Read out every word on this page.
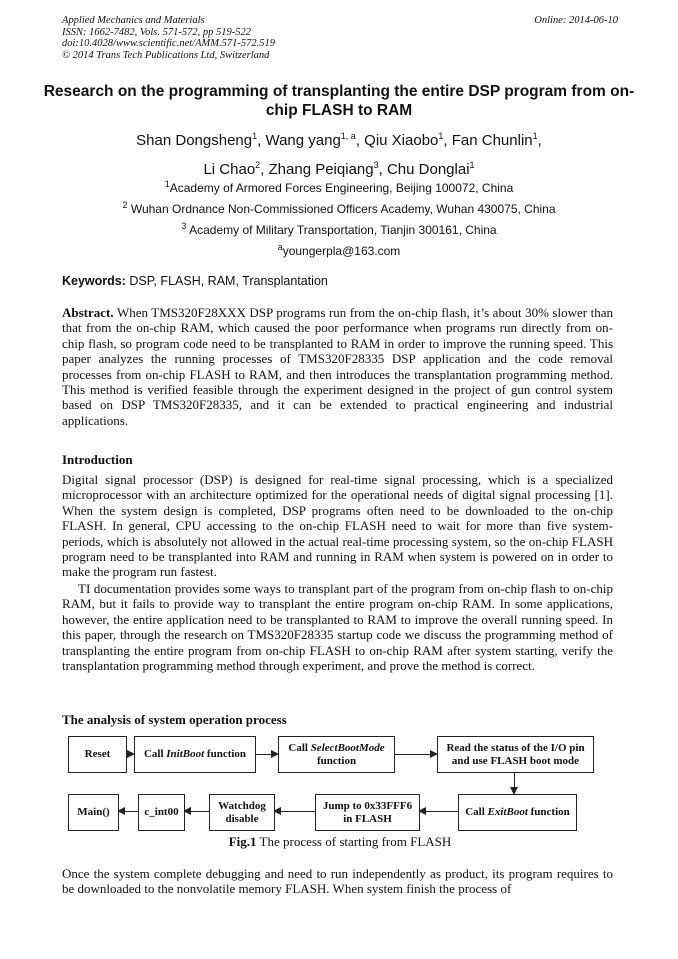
Applied Mechanics and Materials
ISSN: 1662-7482, Vols. 571-572, pp 519-522
doi:10.4028/www.scientific.net/AMM.571-572.519
© 2014 Trans Tech Publications Ltd, Switzerland
Online: 2014-06-10
Research on the programming of transplanting the entire DSP program from on-chip FLASH to RAM
Shan Dongsheng$^1$, Wang yang$^{1, a}$, Qiu Xiaobo$^1$, Fan Chunlin$^1$,
Li Chao$^2$, Zhang Peiqiang$^3$, Chu Donglai$^1$
$^1$Academy of Armored Forces Engineering, Beijing 100072, China
$^2$ Wuhan Ordnance Non-Commissioned Officers Academy, Wuhan 430075, China
$^3$ Academy of Military Transportation, Tianjin 300161, China
$^a$youngerpla@163.com
Keywords: DSP, FLASH, RAM, Transplantation
Abstract. When TMS320F28XXX DSP programs run from the on-chip flash, it’s about 30% slower than that from the on-chip RAM, which caused the poor performance when programs run directly from on-chip flash, so program code need to be transplanted to RAM in order to improve the running speed. This paper analyzes the running processes of TMS320F28335 DSP application and the code removal processes from on-chip FLASH to RAM, and then introduces the transplantation programming method. This method is verified feasible through the experiment designed in the project of gun control system based on DSP TMS320F28335, and it can be extended to practical engineering and industrial applications.
Introduction
Digital signal processor (DSP) is designed for real-time signal processing, which is a specialized microprocessor with an architecture optimized for the operational needs of digital signal processing [1]. When the system design is completed, DSP programs often need to be downloaded to the on-chip FLASH. In general, CPU accessing to the on-chip FLASH need to wait for more than five system-periods, which is absolutely not allowed in the actual real-time processing system, so the on-chip FLASH program need to be transplanted into RAM and running in RAM when system is powered on in order to make the program run fastest.
TI documentation provides some ways to transplant part of the program from on-chip flash to on-chip RAM, but it fails to provide way to transplant the entire program on-chip RAM. In some applications, however, the entire application need to be transplanted to RAM to improve the overall running speed. In this paper, through the research on TMS320F28335 startup code we discuss the programming method of transplanting the entire program from on-chip FLASH to on-chip RAM after system starting, verify the transplantation programming method through experiment, and prove the method is correct.
The analysis of system operation process
Reset	Call InitBoot function
Call SelectBootMode
function
Read the status of the I/O pin
and use FLASH boot mode
Call ExitBoot function
Jump to 0x33FFF6
in FLASH
Watchdog
disable
c_int00
Main()
Fig.1 The process of starting from FLASH
Once the system complete debugging and need to run independently as product, its program requires to be downloaded to the nonvolatile memory FLASH. When system finish the process of
